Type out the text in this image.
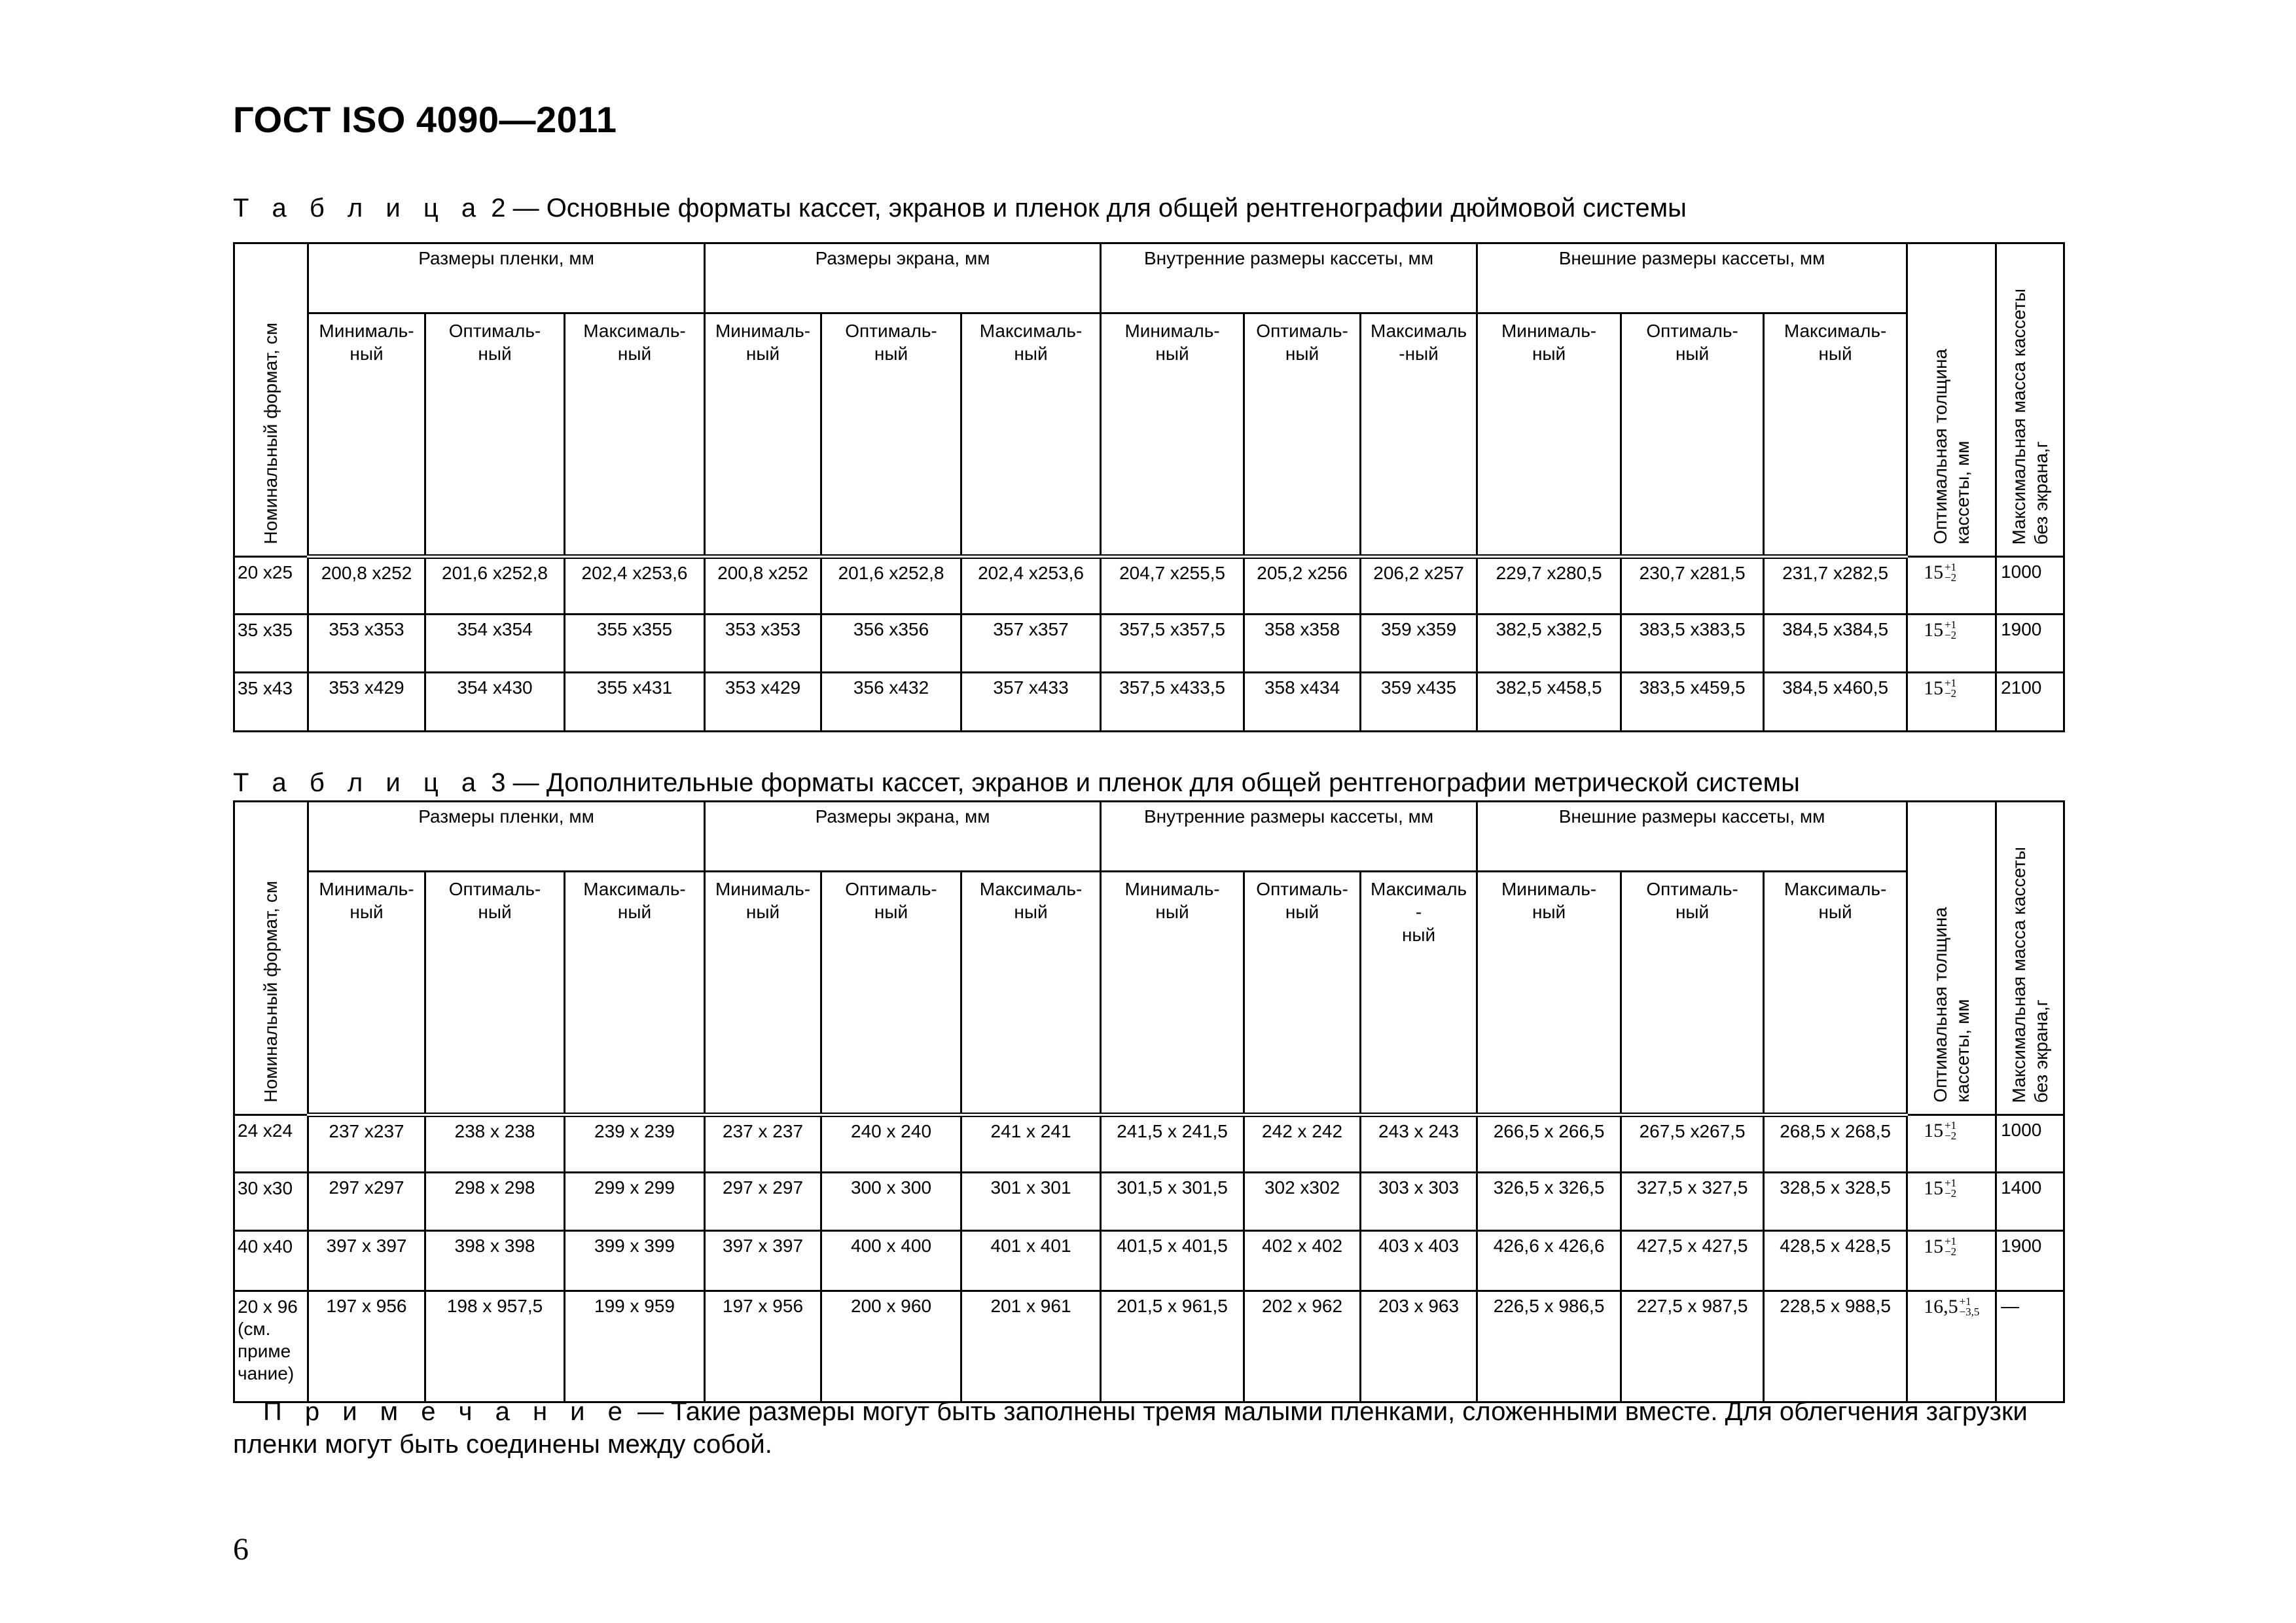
ГОСТ ISO 4090—2011
Т а б л и ц а 2 — Основные форматы кассет, экранов и пленок для общей рентгенографии дюймовой системы
Номинальный формат, см	Размеры пленки, мм			Размеры экрана, мм			Внутренние размеры кассеты, мм			Внешние размеры кассеты, мм			Оптимальная толщина
кассеты, мм	Максимальная масса кассеты
без экрана,г
	Минималь-
ный	Оптималь-
ный	Максималь-
ный	Минималь-
ный	Оптималь-
ный	Максималь-
ный	Минималь-
ный	Оптималь-
ный	Максималь
-ный	Минималь-
ный	Оптималь-
ный	Максималь-
ный		
20 x25	200,8 x252	201,6 x252,8	202,4 x253,6	200,8 x252	201,6 x252,8	202,4 x253,6	204,7 x255,5	205,2 x256	206,2 x257	229,7 x280,5	230,7 x281,5	231,7 x282,5	15 +1
−2	1000
35 x35	353 x353	354 x354	355 x355	353 x353	356 x356	357 x357	357,5 x357,5	358 x358	359 x359	382,5 x382,5	383,5 x383,5	384,5 x384,5	15 +1
−2	1900
35 x43	353 x429	354 x430	355 x431	353 x429	356 x432	357 x433	357,5 x433,5	358 x434	359 x435	382,5 x458,5	383,5 x459,5	384,5 x460,5	15 +1
−2	2100
Т а б л и ц а 3 — Дополнительные форматы кассет, экранов и пленок для общей рентгенографии метрической системы
Номинальный формат, см	Размеры пленки, мм			Размеры экрана, мм			Внутренние размеры кассеты, мм			Внешние размеры кассеты, мм			Оптимальная толщина
кассеты, мм	Максимальная масса кассеты
без экрана,г
	Минималь-
ный	Оптималь-
ный	Максималь-
ный	Минималь-
ный	Оптималь-
ный	Максималь-
ный	Минималь-
ный	Оптималь-
ный	Максималь
-
ный	Минималь-
ный	Оптималь-
ный	Максималь-
ный		
24 x24	237 x237	238 x 238	239 x 239	237 x 237	240 x 240	241 x 241	241,5 x 241,5	242 x 242	243 x 243	266,5 x 266,5	267,5 x267,5	268,5 x 268,5	15 +1
−2	1000
30 x30	297 x297	298 x 298	299 x 299	297 x 297	300 x 300	301 x 301	301,5 x 301,5	302 x302	303 x 303	326,5 x 326,5	327,5 x 327,5	328,5 x 328,5	15 +1
−2	1400
40 x40	397 x 397	398 x 398	399 x 399	397 x 397	400 x 400	401 x 401	401,5 x 401,5	402 x 402	403 x 403	426,6 x 426,6	427,5 x 427,5	428,5 x 428,5	15 +1
−2	1900
20 x 96
(см.
приме
чание)	197 x 956	198 x 957,5	199 x 959	197 x 956	200 x 960	201 x 961	201,5 x 961,5	202 x 962	203 x 963	226,5 x 986,5	227,5 x 987,5	228,5 x 988,5	16,5 +1
−3,5	—
П р и м е ч а н и е — Такие размеры могут быть заполнены тремя малыми пленками, сложенными вместе. Для облегчения загрузки пленки могут быть соединены между собой.
6
